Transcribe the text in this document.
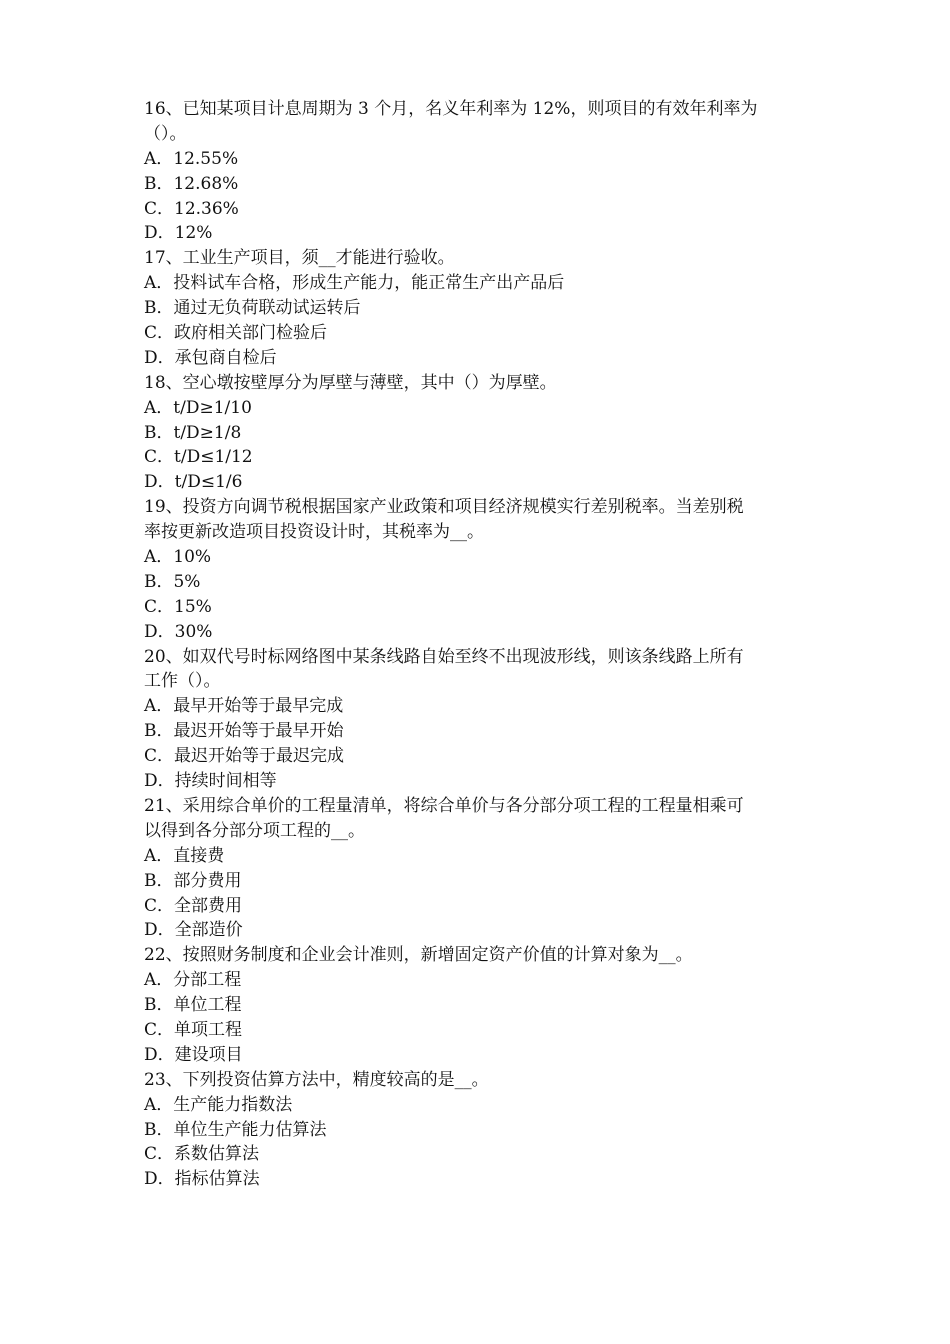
16、已知某项目计息周期为 3 个月，名义年利率为 12%，则项目的有效年利率为
（）。
A．12.55%
B．12.68%
C．12.36%
D．12%
17、工业生产项目，须__才能进行验收。
A．投料试车合格，形成生产能力，能正常生产出产品后
B．通过无负荷联动试运转后
C．政府相关部门检验后
D．承包商自检后
18、空心墩按壁厚分为厚壁与薄壁，其中（）为厚壁。
A．t/D≥1/10
B．t/D≥1/8
C．t/D≤1/12
D．t/D≤1/6
19、投资方向调节税根据国家产业政策和项目经济规模实行差别税率。当差别税
率按更新改造项目投资设计时，其税率为__。
A．10%
B．5%
C．15%
D．30%
20、如双代号时标网络图中某条线路自始至终不出现波形线，则该条线路上所有
工作（）。
A．最早开始等于最早完成
B．最迟开始等于最早开始
C．最迟开始等于最迟完成
D．持续时间相等
21、采用综合单价的工程量清单，将综合单价与各分部分项工程的工程量相乘可
以得到各分部分项工程的__。
A．直接费
B．部分费用
C．全部费用
D．全部造价
22、按照财务制度和企业会计准则，新增固定资产价值的计算对象为__。
A．分部工程
B．单位工程
C．单项工程
D．建设项目
23、下列投资估算方法中，精度较高的是__。
A．生产能力指数法
B．单位生产能力估算法
C．系数估算法
D．指标估算法
